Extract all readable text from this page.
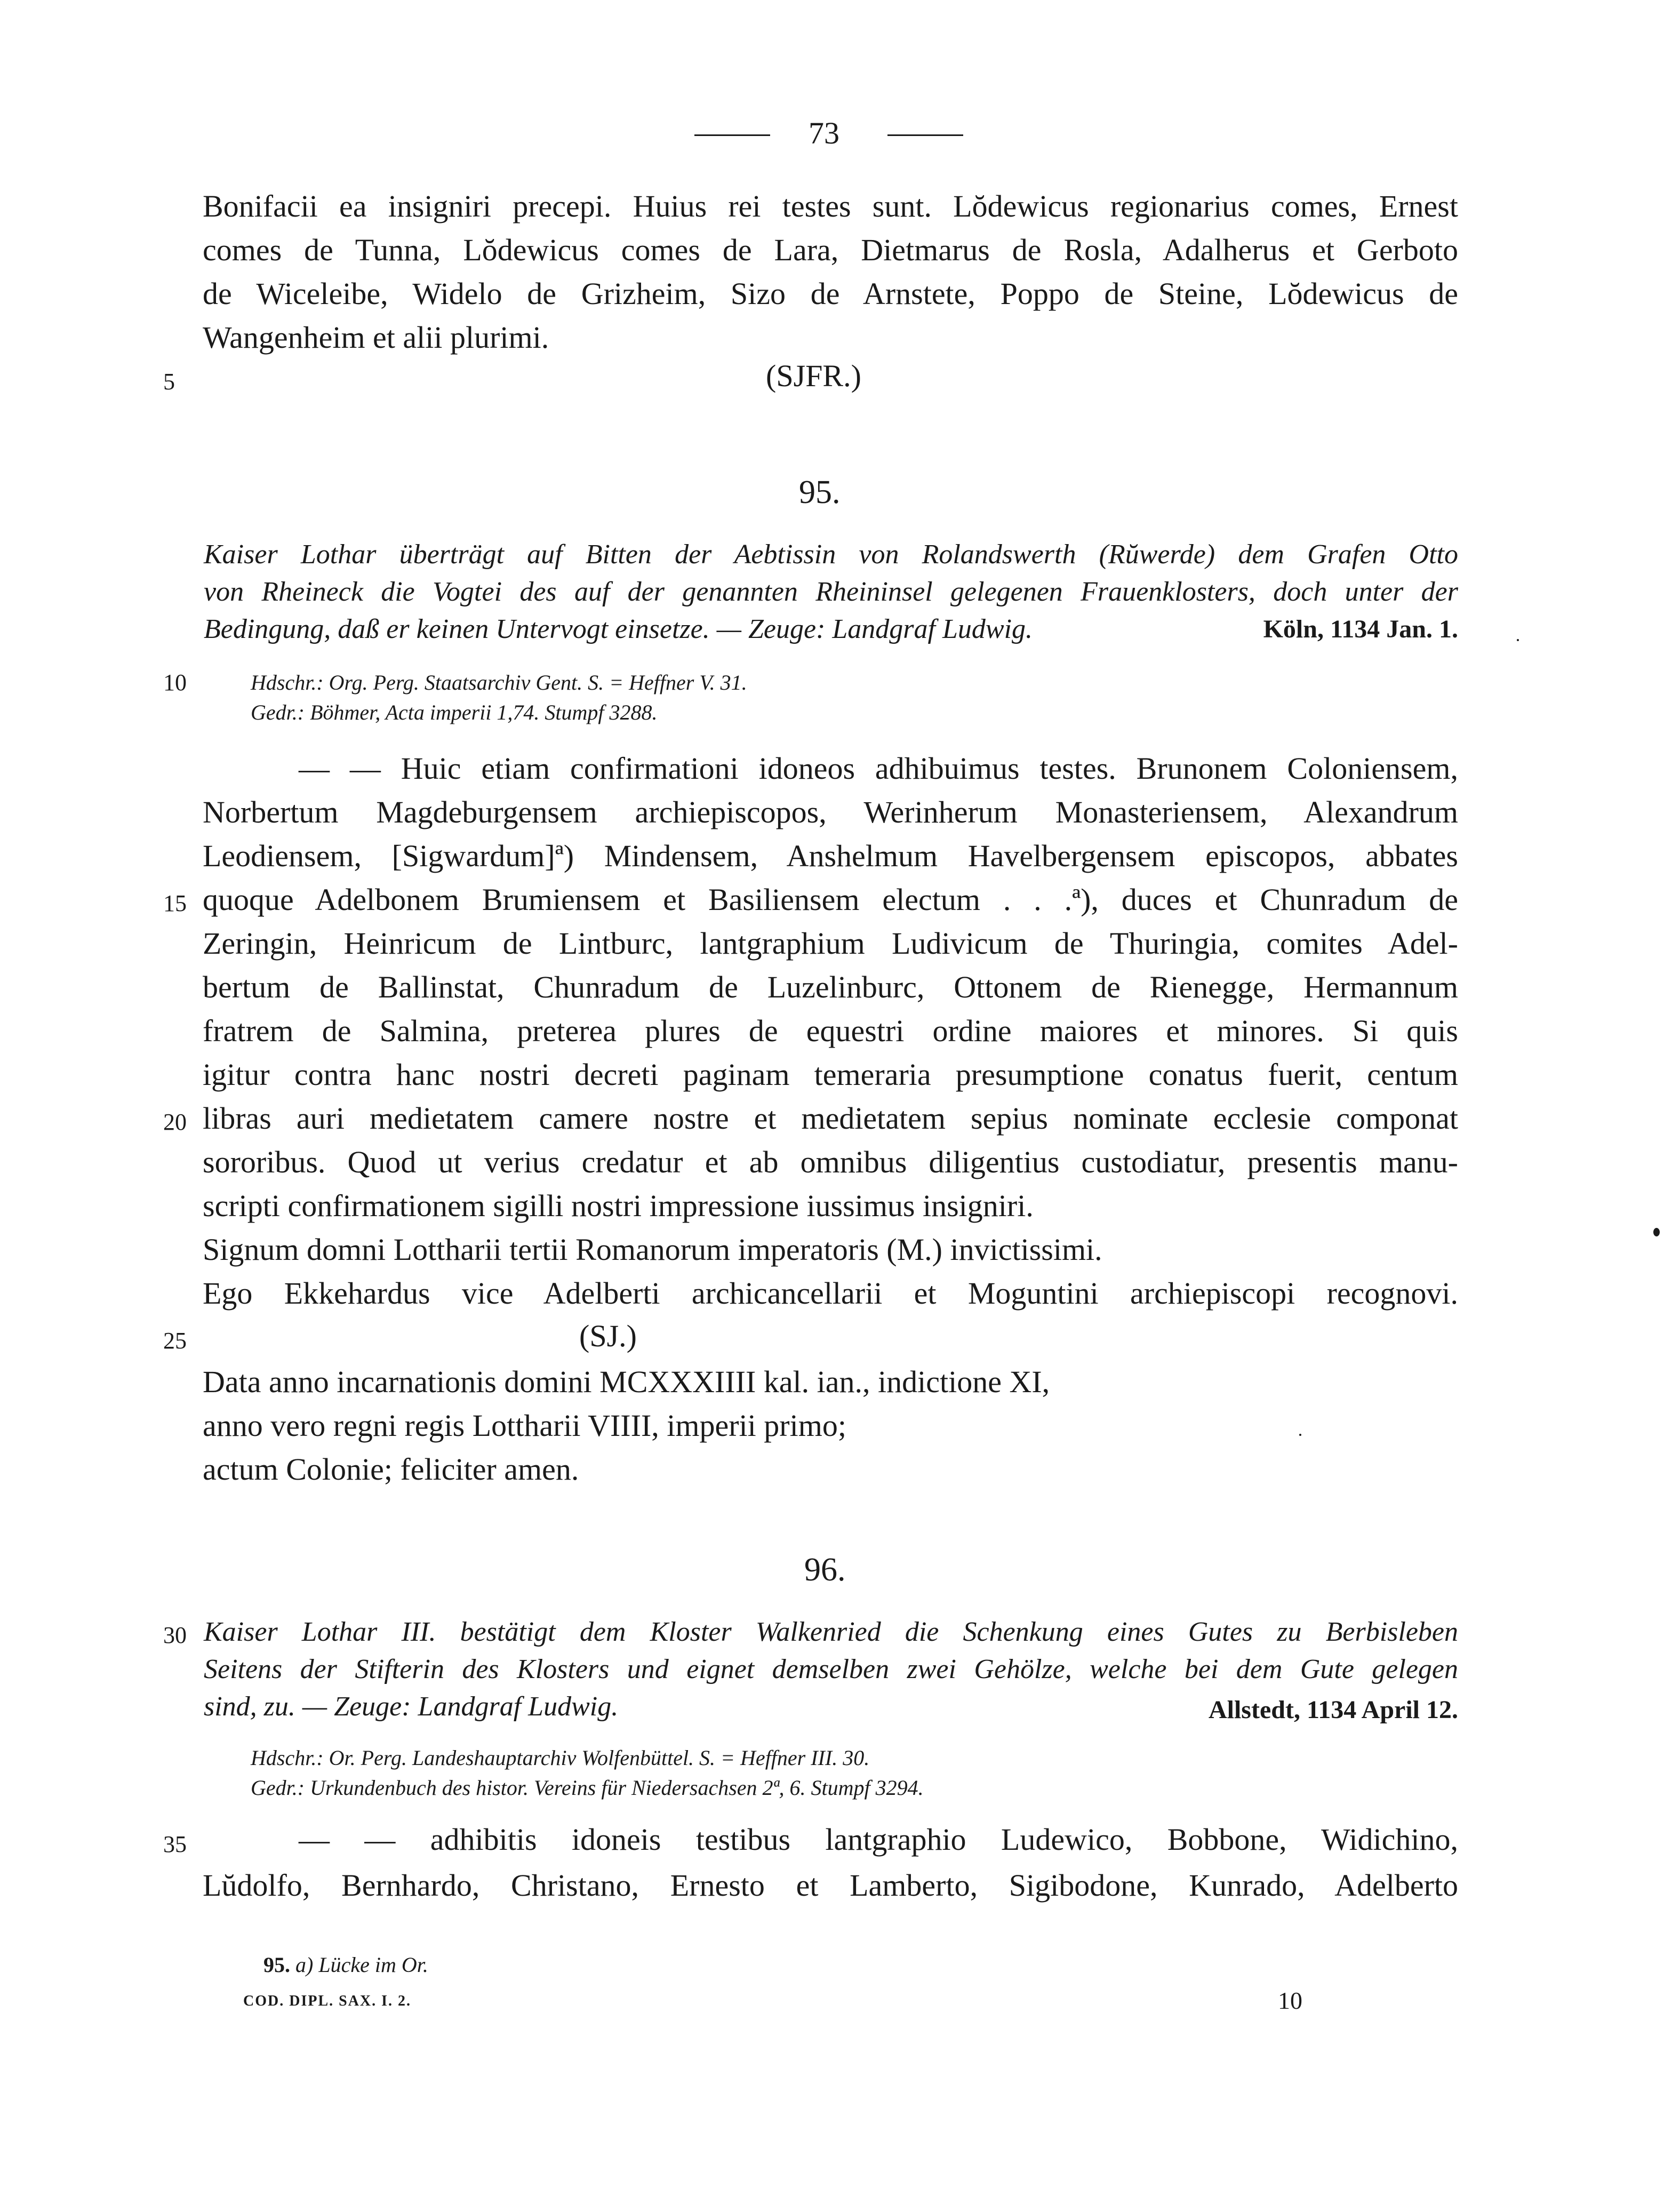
73
Bonifacii ea insigniri precepi. Huius rei testes sunt. Lŏdewicus regionarius comes, Ernest
comes de Tunna, Lŏdewicus comes de Lara, Dietmarus de Rosla, Adalherus et Gerboto
de Wiceleibe, Widelo de Grizheim, Sizo de Arnstete, Poppo de Steine, Lŏdewicus de
Wangenheim et alii plurimi.
5	(SJFR.)
95.
Kaiser Lothar überträgt auf Bitten der Aebtissin von Rolandswerth (Rŭwerde) dem Grafen Otto
von Rheineck die Vogtei des auf der genannten Rheininsel gelegenen Frauenklosters, doch unter der
Bedingung, daß er keinen Untervogt einsetze. — Zeuge: Landgraf Ludwig.	Köln, 1134 Jan. 1.
10	Hdschr.: Org. Perg. Staatsarchiv Gent. S. = Heffner V. 31.
Gedr.: Böhmer, Acta imperii 1,74. Stumpf 3288.
— — Huic etiam confirmationi idoneos adhibuimus testes. Brunonem Coloniensem,
Norbertum Magdeburgensem archiepiscopos, Werinherum Monasteriensem, Alexandrum
Leodiensem, [Sigwardum]ª) Mindensem, Anshelmum Havelbergensem episcopos, abbates
15 quoque Adelbonem Brumiensem et Basiliensem electum . . .ª), duces et Chunradum de
Zeringin, Heinricum de Lintburc, lantgraphium Ludivicum de Thuringia, comites Adel-
bertum de Ballinstat, Chunradum de Luzelinburc, Ottonem de Rienegge, Hermannum
fratrem de Salmina, preterea plures de equestri ordine maiores et minores. Si quis
igitur contra hanc nostri decreti paginam temeraria presumptione conatus fuerit, centum
20 libras auri medietatem camere nostre et medietatem sepius nominate ecclesie componat
sororibus. Quod ut verius credatur et ab omnibus diligentius custodiatur, presentis manu-
scripti confirmationem sigilli nostri impressione iussimus insigniri.
Signum domni Lottharii tertii Romanorum imperatoris (M.) invictissimi.
Ego Ekkehardus vice Adelberti archicancellarii et Moguntini archiepiscopi recognovi.
25	(SJ.)
Data anno incarnationis domini MCXXXIIII kal. ian., indictione XI,
anno vero regni regis Lottharii VIIII, imperii primo;
actum Colonie; feliciter amen.
96.
30 Kaiser Lothar III. bestätigt dem Kloster Walkenried die Schenkung eines Gutes zu Berbisleben
Seitens der Stifterin des Klosters und eignet demselben zwei Gehölze, welche bei dem Gute gelegen
sind, zu. — Zeuge: Landgraf Ludwig.	Allstedt, 1134 April 12.
Hdschr.: Or. Perg. Landeshauptarchiv Wolfenbüttel. S. = Heffner III. 30.
Gedr.: Urkundenbuch des histor. Vereins für Niedersachsen 2ª, 6. Stumpf 3294.
35	— — adhibitis idoneis testibus lantgraphio Ludewico, Bobbone, Widichino,
Lŭdolfo, Bernhardo, Christano, Ernesto et Lamberto, Sigibodone, Kunrado, Adelberto
95. a) Lücke im Or.
COD. DIPL. SAX. I. 2.	10
